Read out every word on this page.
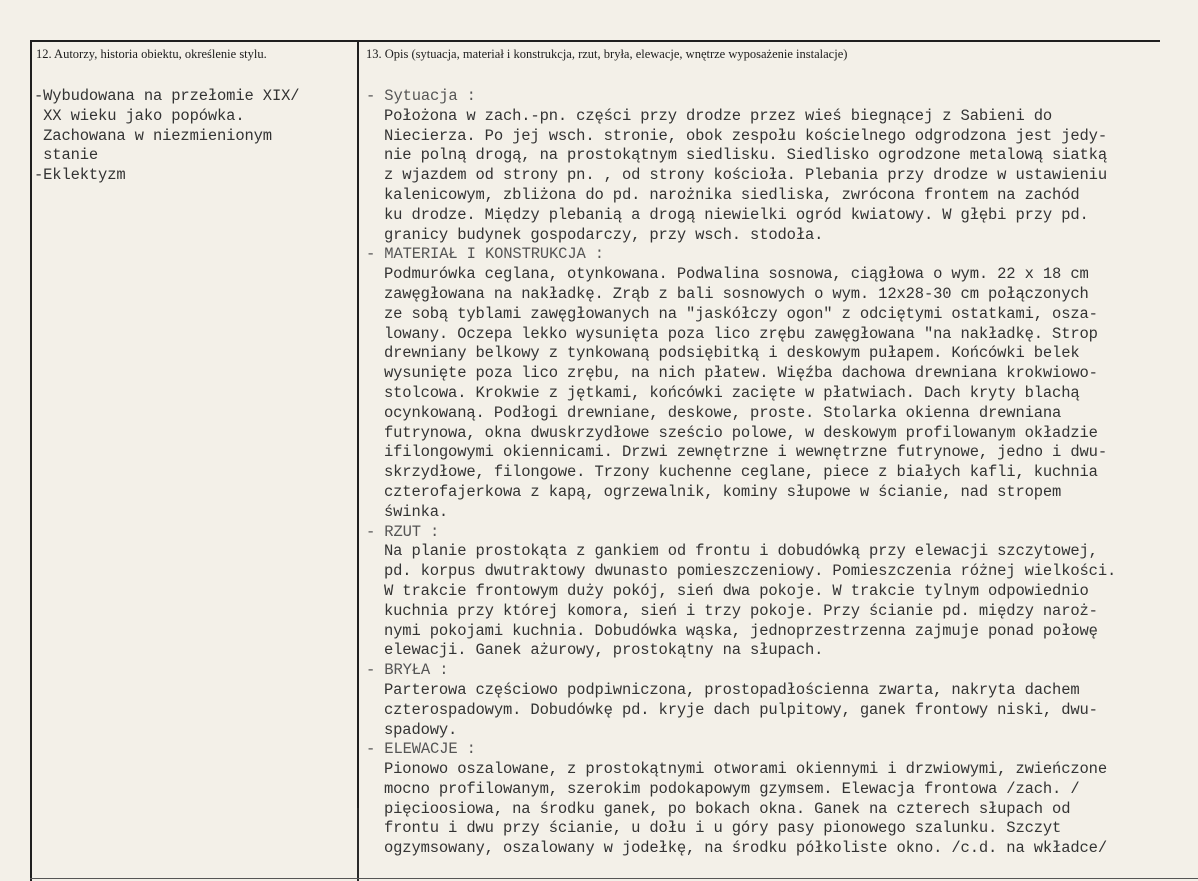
12. Autorzy, historia obiektu, określenie stylu.	13. Opis (sytuacja, materiał i konstrukcja, rzut, bryła, elewacje, wnętrze wyposażenie instalacje)
-Wybudowana na przełomie XIX/
XX wieku jako popówka.
Zachowana w niezmienionym
stanie
-Eklektyzm
- Sytuacja :
Położona w zach.-pn. części przy drodze przez wieś biegnącej z Sabieni do
Niecierza. Po jej wsch. stronie, obok zespołu kościelnego odgrodzona jest jedy-
nie polną drogą, na prostokątnym siedlisku. Siedlisko ogrodzone metalową siatką
z wjazdem od strony pn. , od strony kościoła. Plebania przy drodze w ustawieniu
kalenicowym, zbliżona do pd. narożnika siedliska, zwrócona frontem na zachód
ku drodze. Między plebanią a drogą niewielki ogród kwiatowy. W głębi przy pd.
granicy budynek gospodarczy, przy wsch. stodoła.
- MATERIAŁ I KONSTRUKCJA :
Podmurówka ceglana, otynkowana. Podwalina sosnowa, ciągłowa o wym. 22 x 18 cm
zawęgłowana na nakładkę. Zrąb z bali sosnowych o wym. 12x28-30 cm połączonych
ze sobą tyblami zawęgłowanych na "jaskółczy ogon" z odciętymi ostatkami, osza-
lowany. Oczepa lekko wysunięta poza lico zrębu zawęgłowana "na nakładkę. Strop
drewniany belkowy z tynkowaną podsiębitką i deskowym pułapem. Końcówki belek
wysunięte poza lico zrębu, na nich płatew. Więźba dachowa drewniana krokwiowo-
stolcowa. Krokwie z jętkami, końcówki zacięte w płatwiach. Dach kryty blachą
ocynkowaną. Podłogi drewniane, deskowe, proste. Stolarka okienna drewniana
futrynowa, okna dwuskrzydłowe sześcio polowe, w deskowym profilowanym okładzie
ifilongowymi okiennicami. Drzwi zewnętrzne i wewnętrzne futrynowe, jedno i dwu-
skrzydłowe, filongowe. Trzony kuchenne ceglane, piece z białych kafli, kuchnia
czterofajerkowa z kapą, ogrzewalnik, kominy słupowe w ścianie, nad stropem
świnka.
- RZUT :
Na planie prostokąta z gankiem od frontu i dobudówką przy elewacji szczytowej,
pd. korpus dwutraktowy dwunasto pomieszczeniowy. Pomieszczenia różnej wielkości.
W trakcie frontowym duży pokój, sień dwa pokoje. W trakcie tylnym odpowiednio
kuchnia przy której komora, sień i trzy pokoje. Przy ścianie pd. między naroż-
nymi pokojami kuchnia. Dobudówka wąska, jednoprzestrzenna zajmuje ponad połowę
elewacji. Ganek ażurowy, prostokątny na słupach.
- BRYŁA :
Parterowa częściowo podpiwniczona, prostopadłościenna zwarta, nakryta dachem
czterospadowym. Dobudówkę pd. kryje dach pulpitowy, ganek frontowy niski, dwu-
spadowy.
- ELEWACJE :
Pionowo oszalowane, z prostokątnymi otworami okiennymi i drzwiowymi, zwieńczone
mocno profilowanym, szerokim podokapowym gzymsem. Elewacja frontowa /zach. /
pięcioosiowa, na środku ganek, po bokach okna. Ganek na czterech słupach od
frontu i dwu przy ścianie, u dołu i u góry pasy pionowego szalunku. Szczyt
ogzymsowany, oszalowany w jodełkę, na środku półkoliste okno. /c.d. na wkładce/
